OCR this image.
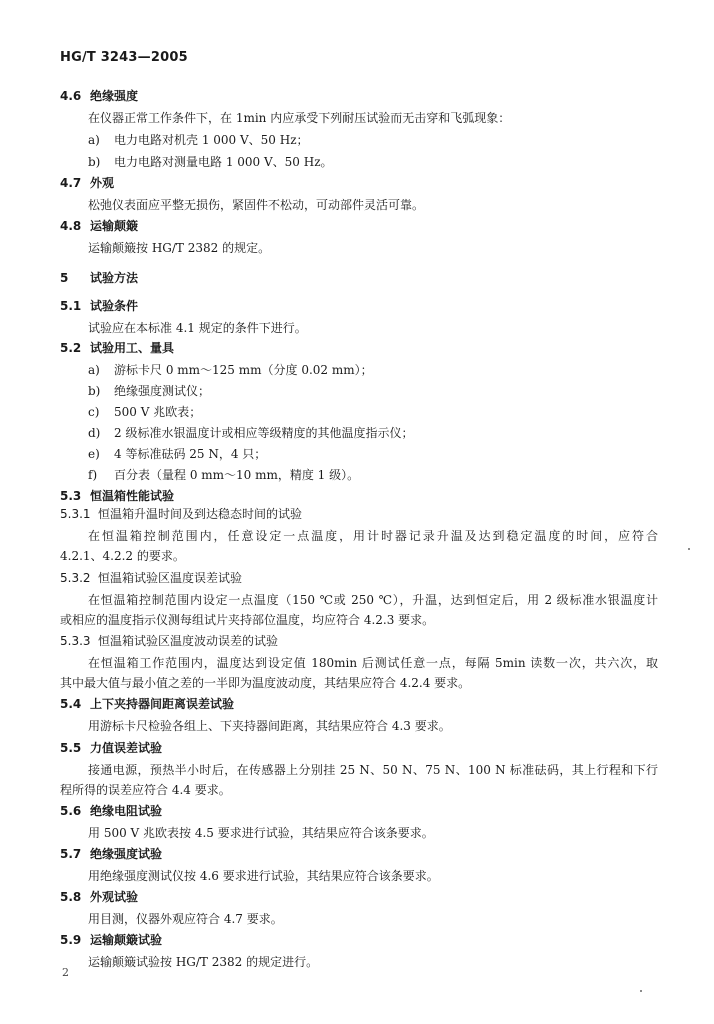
HG/T 3243—2005
4.6 绝缘强度
在仪器正常工作条件下，在 1min 内应承受下列耐压试验而无击穿和飞弧现象：
a) 电力电路对机壳 1 000 V、50 Hz；
b) 电力电路对测量电路 1 000 V、50 Hz。
4.7 外观
松弛仪表面应平整无损伤，紧固件不松动，可动部件灵活可靠。
4.8 运输颠簸
运输颠簸按 HG/T 2382 的规定。
5 试验方法
5.1 试验条件
试验应在本标准 4.1 规定的条件下进行。
5.2 试验用工、量具
a) 游标卡尺 0 mm～125 mm（分度 0.02 mm）；
b) 绝缘强度测试仪；
c) 500 V 兆欧表；
d) 2 级标准水银温度计或相应等级精度的其他温度指示仪；
e) 4 等标准砝码 25 N，4 只；
f) 百分表（量程 0 mm～10 mm，精度 1 级）。
5.3 恒温箱性能试验
5.3.1 恒温箱升温时间及到达稳态时间的试验
在恒温箱控制范围内，任意设定一点温度，用计时器记录升温及达到稳定温度的时间，应符合
4.2.1、4.2.2 的要求。
5.3.2 恒温箱试验区温度误差试验
在恒温箱控制范围内设定一点温度（150 ℃或 250 ℃），升温，达到恒定后，用 2 级标准水银温度计
或相应的温度指示仪测每组试片夹持部位温度，均应符合 4.2.3 要求。
5.3.3 恒温箱试验区温度波动误差的试验
在恒温箱工作范围内，温度达到设定值 180min 后测试任意一点，每隔 5min 读数一次，共六次，取
其中最大值与最小值之差的一半即为温度波动度，其结果应符合 4.2.4 要求。
5.4 上下夹持器间距离误差试验
用游标卡尺检验各组上、下夹持器间距离，其结果应符合 4.3 要求。
5.5 力值误差试验
接通电源，预热半小时后，在传感器上分别挂 25 N、50 N、75 N、100 N 标准砝码，其上行程和下行
程所得的误差应符合 4.4 要求。
5.6 绝缘电阻试验
用 500 V 兆欧表按 4.5 要求进行试验，其结果应符合该条要求。
5.7 绝缘强度试验
用绝缘强度测试仪按 4.6 要求进行试验，其结果应符合该条要求。
5.8 外观试验
用目测，仪器外观应符合 4.7 要求。
5.9 运输颠簸试验
运输颠簸试验按 HG/T 2382 的规定进行。
2
